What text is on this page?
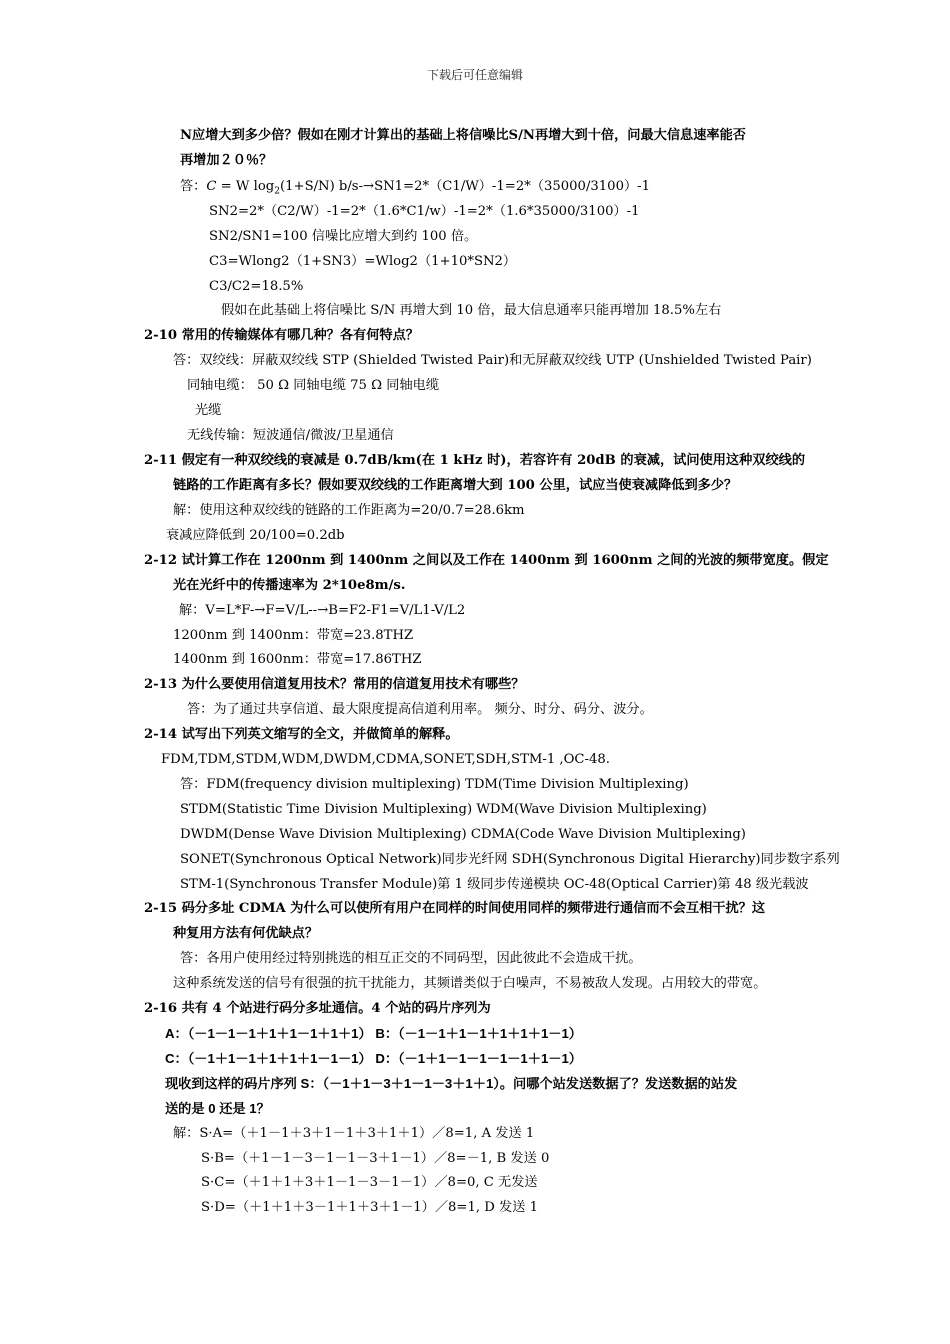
下载后可任意编辑
N应增大到多少倍？假如在刚才计算出的基础上将信噪比S/N再增大到十倍，问最大信息速率能否
再增加２０％？
答：C = W $\log_2(1+S/N)$ b/s-→SN1=2*（C1/W）-1=2*（35000/3100）-1
SN2=2*（C2/W）-1=2*（1.6*C1/w）-1=2*（1.6*35000/3100）-1
SN2/SN1=100 信噪比应增大到约 100 倍。
C3=Wlong2（1+SN3）=Wlog2（1+10*SN2）
C3/C2=18.5%
假如在此基础上将信噪比 S/N 再增大到 10 倍，最大信息通率只能再增加 18.5%左右
2-10 常用的传输媒体有哪几种？各有何特点？
答：双绞线：屏蔽双绞线 STP (Shielded Twisted Pair)和无屏蔽双绞线 UTP (Unshielded Twisted Pair)
同轴电缆： 50 Ω 同轴电缆 75 Ω 同轴电缆
光缆
无线传输：短波通信/微波/卫星通信
2-11 假定有一种双绞线的衰减是 0.7dB/km(在 1 kHz 时)，若容许有 20dB 的衰减，试问使用这种双绞线的
链路的工作距离有多长？假如要双绞线的工作距离增大到 100 公里，试应当使衰减降低到多少？
解：使用这种双绞线的链路的工作距离为=20/0.7=28.6km
衰减应降低到 20/100=0.2db
2-12 试计算工作在 1200nm 到 1400nm 之间以及工作在 1400nm 到 1600nm 之间的光波的频带宽度。假定
光在光纤中的传播速率为 2*10e8m/s.
解：V=L*F-→F=V/L--→B=F2-F1=V/L1-V/L2
1200nm 到 1400nm：带宽=23.8THZ
1400nm 到 1600nm：带宽=17.86THZ
2-13 为什么要使用信道复用技术？常用的信道复用技术有哪些？
答：为了通过共享信道、最大限度提高信道利用率。 频分、时分、码分、波分。
2-14 试写出下列英文缩写的全文，并做简单的解释。
FDM,TDM,STDM,WDM,DWDM,CDMA,SONET,SDH,STM-1 ,OC-48.
答：FDM(frequency division multiplexing) TDM(Time Division Multiplexing)
STDM(Statistic Time Division Multiplexing) WDM(Wave Division Multiplexing)
DWDM(Dense Wave Division Multiplexing) CDMA(Code Wave Division Multiplexing)
SONET(Synchronous Optical Network)同步光纤网 SDH(Synchronous Digital Hierarchy)同步数字系列
STM-1(Synchronous Transfer Module)第 1 级同步传递模块 OC-48(Optical Carrier)第 48 级光载波
2-15 码分多址 CDMA 为什么可以使所有用户在同样的时间使用同样的频带进行通信而不会互相干扰？这
种复用方法有何优缺点？
答：各用户使用经过特别挑选的相互正交的不同码型，因此彼此不会造成干扰。
这种系统发送的信号有很强的抗干扰能力，其频谱类似于白噪声，不易被敌人发现。占用较大的带宽。
2-16 共有 4 个站进行码分多址通信。4 个站的码片序列为
A：（－1－1－1＋1＋1－1＋1＋1） B：（－1－1＋1－1＋1＋1＋1－1）
C：（－1＋1－1＋1＋1＋1－1－1） D：（－1＋1－1－1－1－1＋1－1）
现收到这样的码片序列 S：（－1＋1－3＋1－1－3＋1＋1）。问哪个站发送数据了？发送数据的站发
送的是 0 还是 1？
解：S·A=（＋1－1＋3＋1－1＋3＋1＋1）／8=1, A 发送 1
S·B=（＋1－1－3－1－1－3＋1－1）／8=－1, B 发送 0
S·C=（＋1＋1＋3＋1－1－3－1－1）／8=0, C 无发送
S·D=（＋1＋1＋3－1＋1＋3＋1－1）／8=1, D 发送 1
